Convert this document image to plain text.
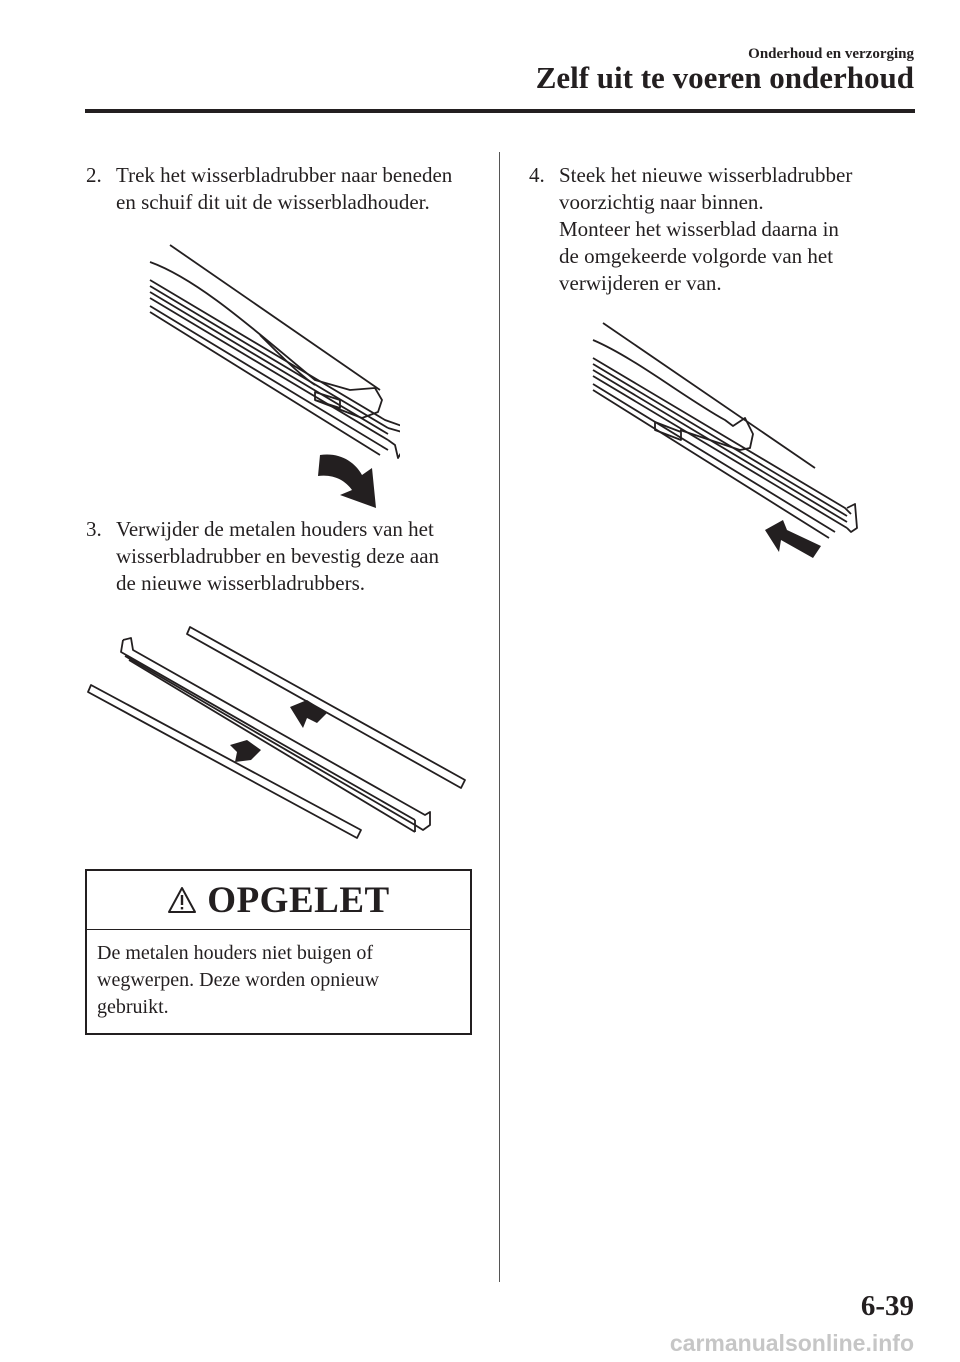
Onderhoud en verzorging
Zelf uit te voeren onderhoud
2. Trek het wisserbladrubber naar beneden
en schuif dit uit de wisserbladhouder.
3. Verwijder de metalen houders van het
wisserbladrubber en bevestig deze aan
de nieuwe wisserbladrubbers.
OPGELET
De metalen houders niet buigen of
wegwerpen. Deze worden opnieuw
gebruikt.
4. Steek het nieuwe wisserbladrubber
voorzichtig naar binnen.
Monteer het wisserblad daarna in
de omgekeerde volgorde van het
verwijderen er van.
6-39
carmanualsonline.info
